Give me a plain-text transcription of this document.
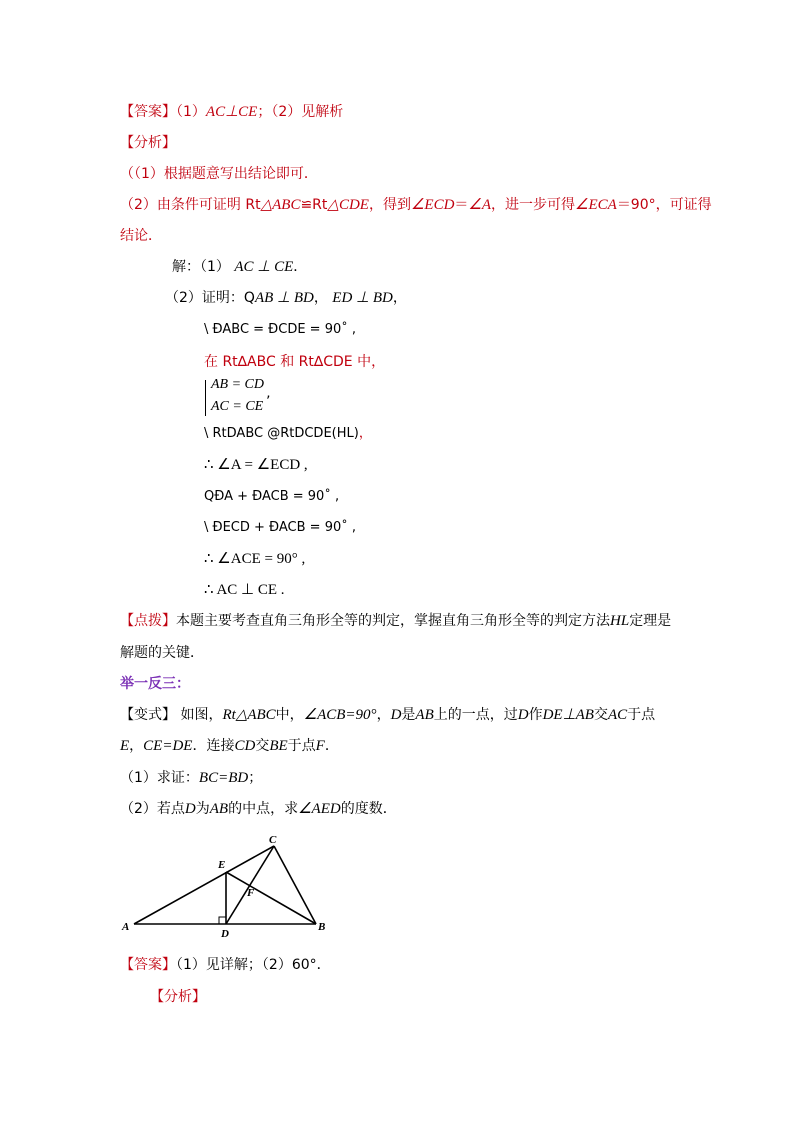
【答案】（1）AC⊥CE；（2）见解析
【分析】
（（1）根据题意写出结论即可．
（2）由条件可证明 Rt△ABC≌Rt△CDE，得到∠ECD＝∠A，进一步可得∠ECA＝90°，可证得
结论．
解：（1） AC ⊥ CE．
（2）证明：QAB ⊥ BD， ED ⊥ BD，
\ ÐABC = ÐCDE = 90˚ ,
在 Rt∆ABC 和 Rt∆CDE 中，
AB = CD
AC = CE ’
\ RtDABC @RtDCDE(HL)，
∴ ∠A = ∠ECD ,
QÐA + ÐACB = 90˚ ,
\ ÐECD + ÐACB = 90˚ ,
∴ ∠ACE = 90° ,
∴ AC ⊥ CE .
【点拨】本题主要考查直角三角形全等的判定，掌握直角三角形全等的判定方法HL定理是
解题的关键．
举一反三：
【变式】 如图，Rt△ABC中，∠ACB=90°，D是AB上的一点，过D作DE⊥AB交AC于点
E，CE=DE．连接CD交BE于点F．
（1）求证：BC=BD；
（2）若点D为AB的中点，求∠AED的度数．
A	B
C
D
E
F
【答案】（1）见详解；（2）60°．
【分析】
